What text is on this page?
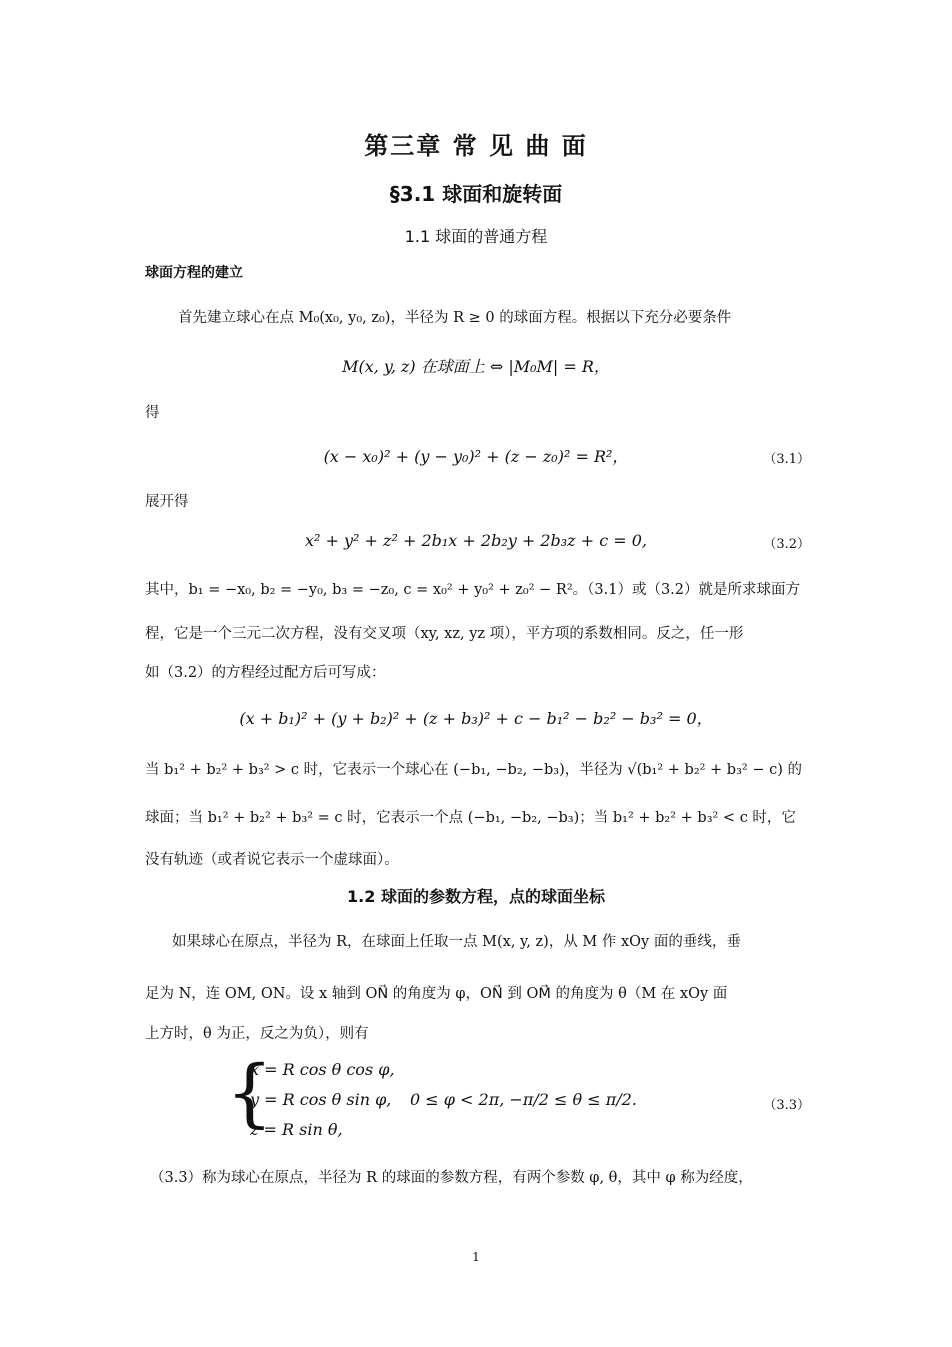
第三章 常 见 曲 面
§3.1 球面和旋转面
1.1 球面的普通方程
球面方程的建立
首先建立球心在点 M₀(x₀, y₀, z₀)，半径为 R ≥ 0 的球面方程。根据以下充分必要条件
M(x, y, z) 在球面上 ⇔ |M₀M| = R，
得
(x − x₀)² + (y − y₀)² + (z − z₀)² = R²，	（3.1）
展开得
x² + y² + z² + 2b₁x + 2b₂y + 2b₃z + c = 0,	（3.2）
其中，b₁ = −x₀, b₂ = −y₀, b₃ = −z₀, c = x₀² + y₀² + z₀² − R²。（3.1）或（3.2）就是所求球面方
程，它是一个三元二次方程，没有交叉项（xy, xz, yz 项），平方项的系数相同。反之，任一形
如（3.2）的方程经过配方后可写成：
(x + b₁)² + (y + b₂)² + (z + b₃)² + c − b₁² − b₂² − b₃² = 0，
当 b₁² + b₂² + b₃² > c 时，它表示一个球心在 (−b₁, −b₂, −b₃)，半径为 √(b₁² + b₂² + b₃² − c) 的
球面；当 b₁² + b₂² + b₃² = c 时，它表示一个点 (−b₁, −b₂, −b₃)；当 b₁² + b₂² + b₃² < c 时，它
没有轨迹（或者说它表示一个虚球面）。
1.2 球面的参数方程，点的球面坐标
如果球心在原点，半径为 R，在球面上任取一点 M(x, y, z)，从 M 作 xOy 面的垂线，垂
足为 N，连 OM, ON。设 x 轴到 ON⃗ 的角度为 φ，ON⃗ 到 OM⃗ 的角度为 θ（M 在 xOy 面
上方时，θ 为正，反之为负），则有
{
x = R cos θ cos φ,
y = R cos θ sin φ,
z = R sin θ,
0 ≤ φ < 2π, −π/2 ≤ θ ≤ π/2.	（3.3）
（3.3）称为球心在原点，半径为 R 的球面的参数方程，有两个参数 φ, θ，其中 φ 称为经度，
1
